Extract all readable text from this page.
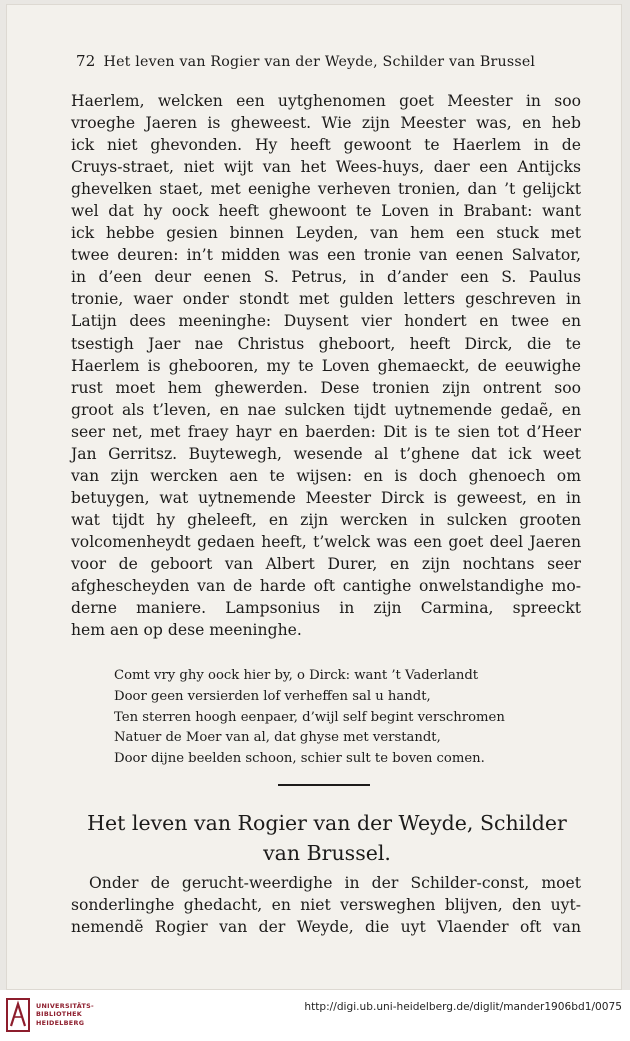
72 Het leven van Rogier van der Weyde, Schilder van Brussel
Haerlem, welcken een uytghenomen goet Meester in soo
vroeghe Jaeren is gheweest. Wie zijn Meester was, en heb
ick niet ghevonden. Hy heeft gewoont te Haerlem in de
Cruys-straet, niet wijt van het Wees-huys, daer een Antijcks
ghevelken staet, met eenighe verheven tronien, dan ’t gelijckt
wel dat hy oock heeft ghewoont te Loven in Brabant: want
ick hebbe gesien binnen Leyden, van hem een stuck met
twee deuren: in’t midden was een tronie van eenen Salvator,
in d’een deur eenen S. Petrus, in d’ander een S. Paulus
tronie, waer onder stondt met gulden letters geschreven in
Latijn dees meeninghe: Duysent vier hondert en twee en
tsestigh Jaer nae Christus gheboort, heeft Dirck, die te
Haerlem is ghebooren, my te Loven ghemaeckt, de eeuwighe
rust moet hem ghewerden. Dese tronien zijn ontrent soo
groot als t’leven, en nae sulcken tijdt uytnemende gedaẽ, en
seer net, met fraey hayr en baerden: Dit is te sien tot d’Heer
Jan Gerritsz. Buytewegh, wesende al t’ghene dat ick weet
van zijn wercken aen te wijsen: en is doch ghenoech om
betuygen, wat uytnemende Meester Dirck is geweest, en in
wat tijdt hy gheleeft, en zijn wercken in sulcken grooten
volcomenheydt gedaen heeft, t’welck was een goet deel Jaeren
voor de geboort van Albert Durer, en zijn nochtans seer
afghescheyden van de harde oft cantighe onwelstandighe mo-
derne maniere. Lampsonius in zijn Carmina, spreeckt
hem aen op dese meeninghe.
Comt vry ghy oock hier by, o Dirck: want ’t Vaderlandt
Door geen versierden lof verheffen sal u handt,
Ten sterren hoogh eenpaer, d’wijl self begint verschromen
Natuer de Moer van al, dat ghyse met verstandt,
Door dijne beelden schoon, schier sult te boven comen.
Het leven van Rogier van der Weyde, Schilder
van Brussel.
Onder de gerucht-weerdighe in der Schilder-const, moet
sonderlinghe ghedacht, en niet versweghen blijven, den uyt-
nemendẽ Rogier van der Weyde, die uyt Vlaender oft van
UNIVERSITÄTS-
BIBLIOTHEK
HEIDELBERG
http://digi.ub.uni-heidelberg.de/diglit/mander1906bd1/0075
